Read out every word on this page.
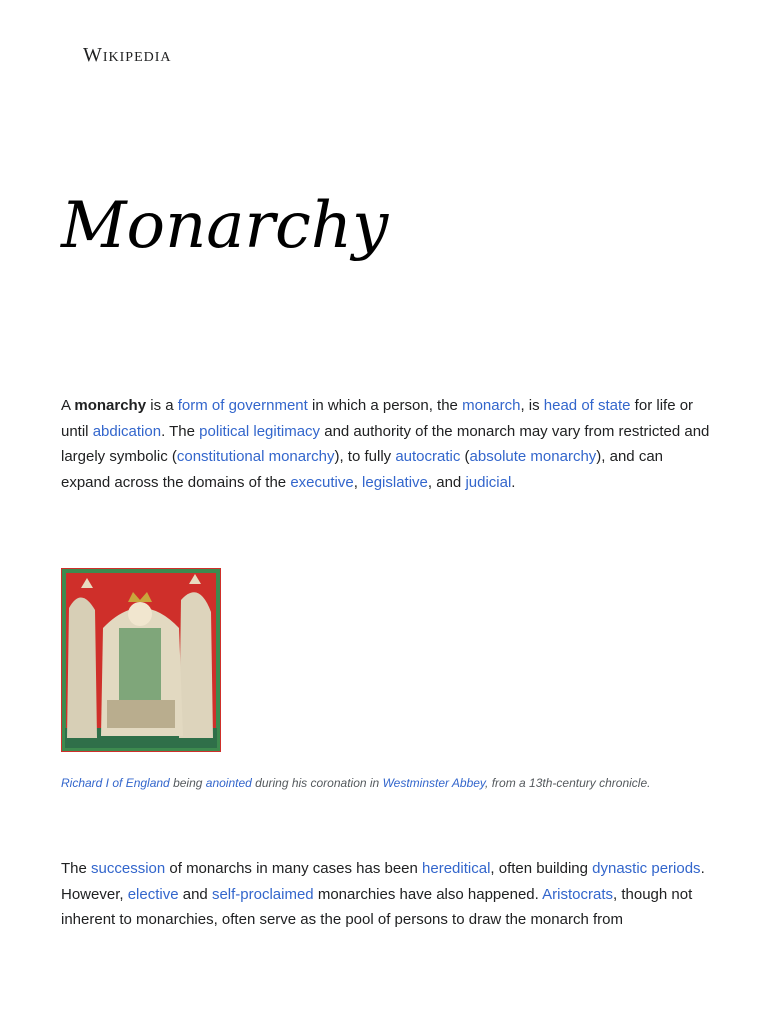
Wikipedia
Monarchy

A monarchy is a form of government in which a person, the monarch, is head of state for life or until abdication. The political legitimacy and authority of the monarch may vary from restricted and largely symbolic (constitutional monarchy), to fully autocratic (absolute monarchy), and can expand across the domains of the executive, legislative, and judicial.

Richard I of England being anointed during his coronation in Westminster Abbey, from a 13th-century chronicle.

The succession of monarchs in many cases has been hereditical, often building dynastic periods. However, elective and self-proclaimed monarchies have also happened. Aristocrats, though not inherent to monarchies, often serve as the pool of persons to draw the monarch from
